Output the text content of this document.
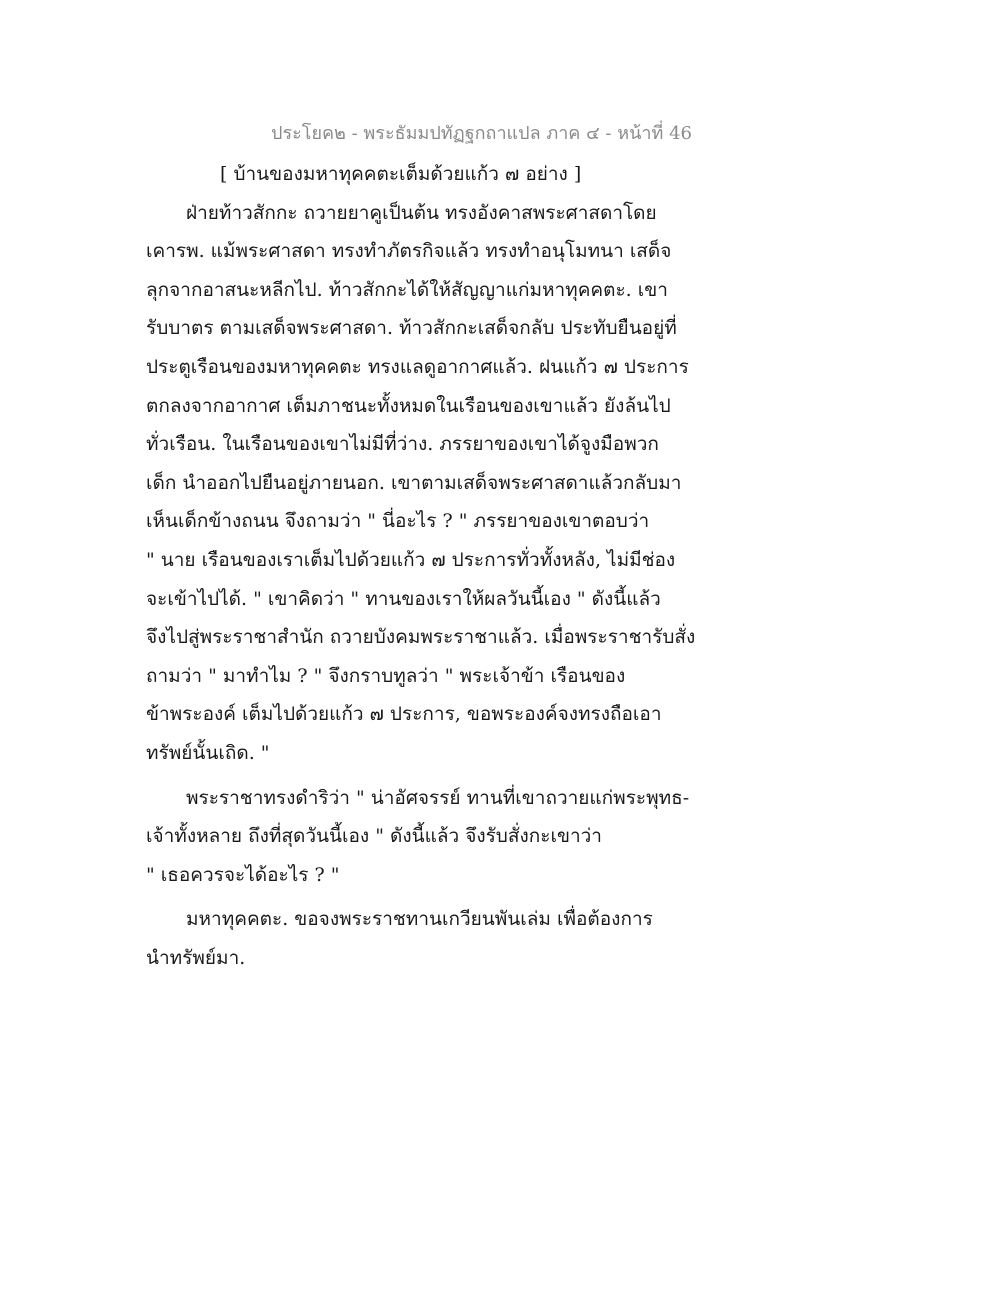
ประโยค๒ - พระธัมมปทัฏฐกถาแปล ภาค ๔ - หน้าที่ 46
[ บ้านของมหาทุคคตะเต็มด้วยแก้ว ๗ อย่าง ]
ฝ่ายท้าวสักกะ ถวายยาคูเป็นต้น ทรงอังคาสพระศาสดาโดย
เคารพ. แม้พระศาสดา ทรงทำภัตรกิจแล้ว ทรงทำอนุโมทนา เสด็จ
ลุกจากอาสนะหลีกไป. ท้าวสักกะได้ให้สัญญาแก่มหาทุคคตะ. เขา
รับบาตร ตามเสด็จพระศาสดา. ท้าวสักกะเสด็จกลับ ประทับยืนอยู่ที่
ประตูเรือนของมหาทุคคตะ ทรงแลดูอากาศแล้ว. ฝนแก้ว ๗ ประการ
ตกลงจากอากาศ เต็มภาชนะทั้งหมดในเรือนของเขาแล้ว ยังล้นไป
ทั่วเรือน. ในเรือนของเขาไม่มีที่ว่าง. ภรรยาของเขาได้จูงมือพวก
เด็ก นำออกไปยืนอยู่ภายนอก. เขาตามเสด็จพระศาสดาแล้วกลับมา
เห็นเด็กข้างถนน จึงถามว่า " นี่อะไร ? " ภรรยาของเขาตอบว่า
" นาย เรือนของเราเต็มไปด้วยแก้ว ๗ ประการทั่วทั้งหลัง, ไม่มีช่อง
จะเข้าไปได้. " เขาคิดว่า " ทานของเราให้ผลวันนี้เอง " ดังนี้แล้ว
จึงไปสู่พระราชาสำนัก ถวายบังคมพระราชาแล้ว. เมื่อพระราชารับสั่ง
ถามว่า " มาทำไม ? " จึงกราบทูลว่า " พระเจ้าข้า เรือนของ
ข้าพระองค์ เต็มไปด้วยแก้ว ๗ ประการ, ขอพระองค์จงทรงถือเอา
ทรัพย์นั้นเถิด. "
พระราชาทรงดำริว่า " น่าอัศจรรย์ ทานที่เขาถวายแก่พระพุทธ-
เจ้าทั้งหลาย ถึงที่สุดวันนี้เอง " ดังนี้แล้ว จึงรับสั่งกะเขาว่า
" เธอควรจะได้อะไร ? "
มหาทุคคตะ. ขอจงพระราชทานเกวียนพันเล่ม เพื่อต้องการ
นำทรัพย์มา.
